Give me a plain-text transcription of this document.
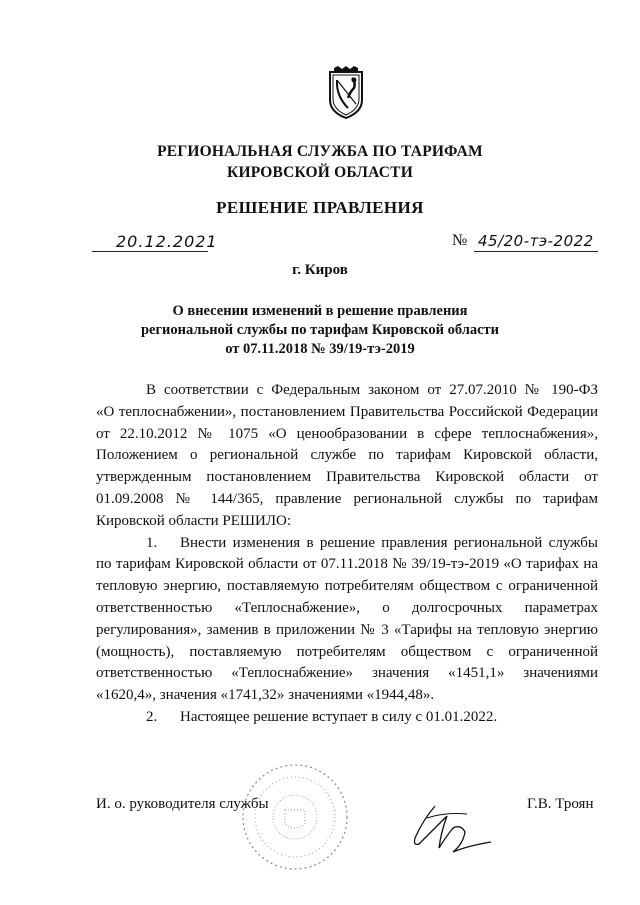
РЕГИОНАЛЬНАЯ СЛУЖБА ПО ТАРИФАМ
КИРОВСКОЙ ОБЛАСТИ
РЕШЕНИЕ ПРАВЛЕНИЯ
20.12.2021	№ 45/20-тэ-2022
г. Киров
О внесении изменений в решение правления
региональной службы по тарифам Кировской области
от 07.11.2018 № 39/19-тэ-2019
В соответствии с Федеральным законом от 27.07.2010 № 190-ФЗ
«О теплоснабжении», постановлением Правительства Российской Федерации
от 22.10.2012 № 1075 «О ценообразовании в сфере теплоснабжения»,
Положением о региональной службе по тарифам Кировской области,
утвержденным постановлением Правительства Кировской области от
01.09.2008 № 144/365, правление региональной службы по тарифам
Кировской области РЕШИЛО:
1. Внести изменения в решение правления региональной службы
по тарифам Кировской области от 07.11.2018 № 39/19-тэ-2019 «О тарифах на
тепловую энергию, поставляемую потребителям обществом с ограниченной
ответственностью «Теплоснабжение», о долгосрочных параметрах
регулирования», заменив в приложении № 3 «Тарифы на тепловую энергию
(мощность), поставляемую потребителям обществом с ограниченной
ответственностью «Теплоснабжение» значения «1451,1» значениями
«1620,4», значения «1741,32» значениями «1944,48».
2. Настоящее решение вступает в силу с 01.01.2022.
И. о. руководителя службы	Г.В. Троян
